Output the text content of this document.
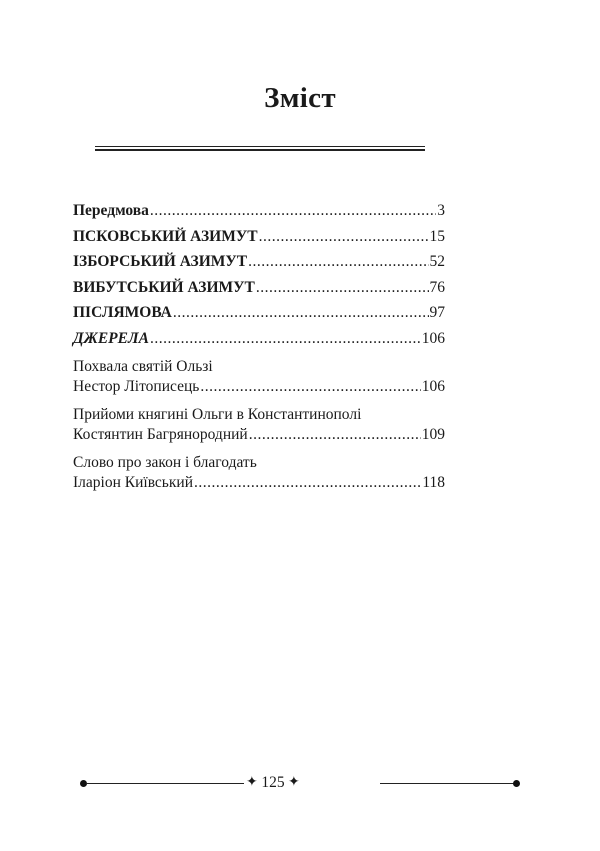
Зміст
Передмова .....	3
ПСКОВСЬКИЙ АЗИМУТ .....	15
ІЗБОРСЬКИЙ АЗИМУТ .....	52
ВИБУТСЬКИЙ АЗИМУТ .....	76
ПІСЛЯМОВА .....	97
ДЖЕРЕЛА .....	106
Похвала святій Ользі
Нестор Літописець .....	106
Прийоми княгині Ольги в Константинополі
Костянтин Багрянородний .....	109
Слово про закон і благодать
Іларіон Київський .....	118
✦ 125 ✦
